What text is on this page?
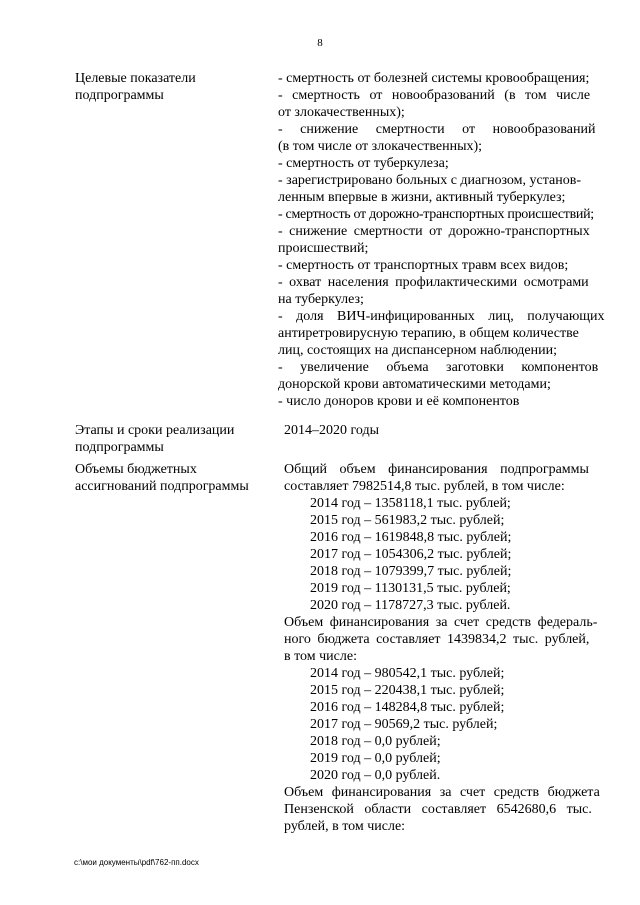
8
Целевые показатели
подпрограммы
- смертность от болезней системы кровообращения;
- смертность от новообразований (в том числе
от злокачественных);
- снижение смертности от новообразований
(в том числе от злокачественных);
- смертность от туберкулеза;
- зарегистрировано больных с диагнозом, установ-
ленным впервые в жизни, активный туберкулез;
- смертность от дорожно-транспортных происшествий;
- снижение смертности от дорожно-транспортных
происшествий;
- смертность от транспортных травм всех видов;
- охват населения профилактическими осмотрами
на туберкулез;
- доля ВИЧ-инфицированных лиц, получающих
антиретровирусную терапию, в общем количестве
лиц, состоящих на диспансерном наблюдении;
- увеличение объема заготовки компонентов
донорской крови автоматическими методами;
- число доноров крови и её компонентов
Этапы и сроки реализации
подпрограммы
2014–2020 годы
Объемы бюджетных
ассигнований подпрограммы
Общий объем финансирования подпрограммы
составляет 7982514,8 тыс. рублей, в том числе:
2014 год – 1358118,1 тыс. рублей;
2015 год – 561983,2 тыс. рублей;
2016 год – 1619848,8 тыс. рублей;
2017 год – 1054306,2 тыс. рублей;
2018 год – 1079399,7 тыс. рублей;
2019 год – 1130131,5 тыс. рублей;
2020 год – 1178727,3 тыс. рублей.
Объем финансирования за счет средств федераль-
ного бюджета составляет 1439834,2 тыс. рублей,
в том числе:
2014 год – 980542,1 тыс. рублей;
2015 год – 220438,1 тыс. рублей;
2016 год – 148284,8 тыс. рублей;
2017 год – 90569,2 тыс. рублей;
2018 год – 0,0 рублей;
2019 год – 0,0 рублей;
2020 год – 0,0 рублей.
Объем финансирования за счет средств бюджета
Пензенской области составляет 6542680,6 тыс.
рублей, в том числе:
c:\мои документы\pdf\762-пп.docx
